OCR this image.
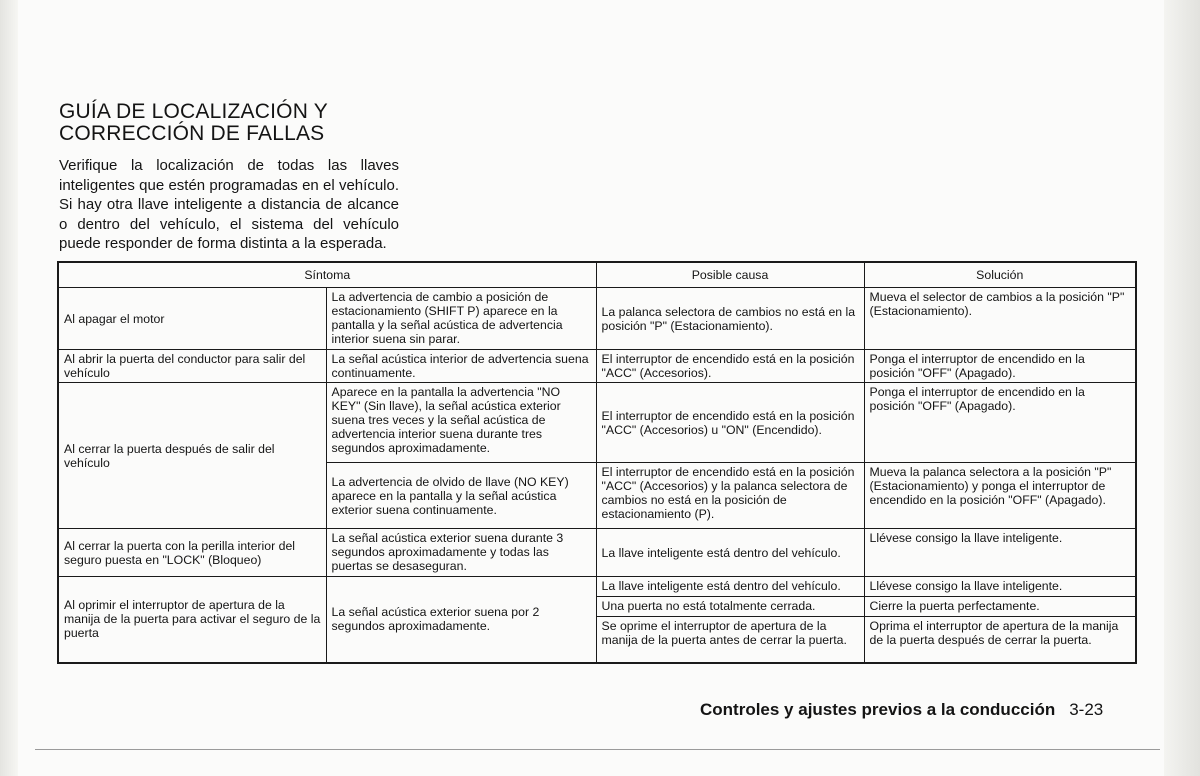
GUÍA DE LOCALIZACIÓN Y
CORRECCIÓN DE FALLAS

Verifique la localización de todas las llaves inteligentes que estén programadas en el vehículo. Si hay otra llave inteligente a distancia de alcance o dentro del vehículo, el sistema del vehículo puede responder de forma distinta a la esperada.

Síntoma		Posible causa	Solución
Al apagar el motor	La advertencia de cambio a posición de estacionamiento (SHIFT P) aparece en la pantalla y la señal acústica de advertencia interior suena sin parar.	La palanca selectora de cambios no está en la posición "P" (Estacionamiento).	Mueva el selector de cambios a la posición "P" (Estacionamiento).
Al abrir la puerta del conductor para salir del vehículo	La señal acústica interior de advertencia suena continuamente.	El interruptor de encendido está en la posición "ACC" (Accesorios).	Ponga el interruptor de encendido en la posición "OFF" (Apagado).
Al cerrar la puerta después de salir del vehículo	Aparece en la pantalla la advertencia "NO KEY" (Sin llave), la señal acústica exterior suena tres veces y la señal acústica de advertencia interior suena durante tres segundos aproximadamente.	El interruptor de encendido está en la posición "ACC" (Accesorios) u "ON" (Encendido).	Ponga el interruptor de encendido en la posición "OFF" (Apagado).
	La advertencia de olvido de llave (NO KEY) aparece en la pantalla y la señal acústica exterior suena continuamente.	El interruptor de encendido está en la posición "ACC" (Accesorios) y la palanca selectora de cambios no está en la posición de estacionamiento (P).	Mueva la palanca selectora a la posición "P" (Estacionamiento) y ponga el interruptor de encendido en la posición "OFF" (Apagado).
Al cerrar la puerta con la perilla interior del seguro puesta en "LOCK" (Bloqueo)	La señal acústica exterior suena durante 3 segundos aproximadamente y todas las puertas se desaseguran.	La llave inteligente está dentro del vehículo.	Llévese consigo la llave inteligente.
Al oprimir el interruptor de apertura de la manija de la puerta para activar el seguro de la puerta	La señal acústica exterior suena por 2 segundos aproximadamente.	La llave inteligente está dentro del vehículo.	Llévese consigo la llave inteligente.
		Una puerta no está totalmente cerrada.	Cierre la puerta perfectamente.
		Se oprime el interruptor de apertura de la manija de la puerta antes de cerrar la puerta.	Oprima el interruptor de apertura de la manija de la puerta después de cerrar la puerta.
Controles y ajustes previos a la conducción 3-23
